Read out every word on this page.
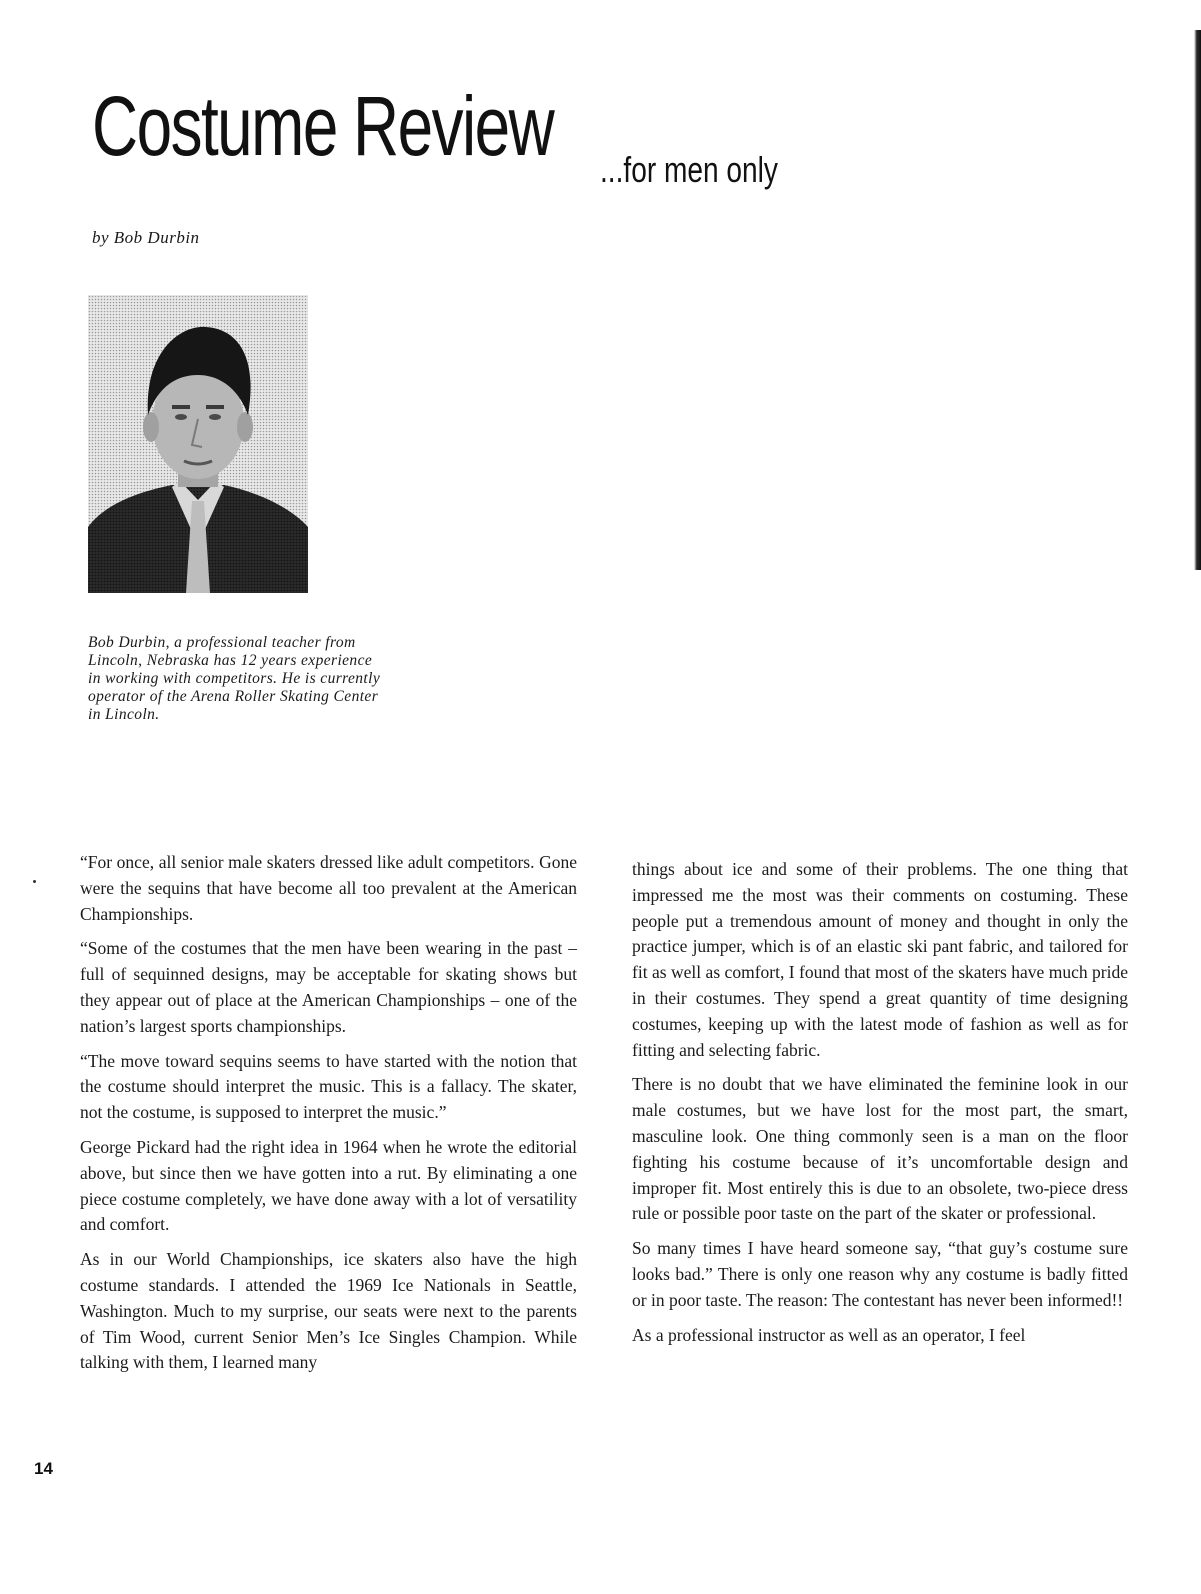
Costume Review ...for men only
by Bob Durbin

Bob Durbin, a professional teacher from

Lincoln, Nebraska has 12 years experience

in working with competitors. He is currently

operator of the Arena Roller Skating Center

in Lincoln.

“For once, all senior male skaters dressed like adult competitors. Gone were the sequins that have become all too prevalent at the American Championships.

“Some of the costumes that the men have been wearing in the past – full of sequinned designs, may be acceptable for skating shows but they appear out of place at the American Championships – one of the nation’s largest sports championships.

“The move toward sequins seems to have started with the notion that the costume should interpret the music. This is a fallacy. The skater, not the costume, is supposed to interpret the music.”

George Pickard had the right idea in 1964 when he wrote the editorial above, but since then we have gotten into a rut. By eliminating a one piece costume completely, we have done away with a lot of versatility and comfort.

As in our World Championships, ice skaters also have the high costume standards. I attended the 1969 Ice Nationals in Seattle, Washington. Much to my surprise, our seats were next to the parents of Tim Wood, current Senior Men’s Ice Singles Champion. While talking with them, I learned many

things about ice and some of their problems. The one thing that impressed me the most was their comments on costuming. These people put a tremendous amount of money and thought in only the practice jumper, which is of an elastic ski pant fabric, and tailored for fit as well as comfort, I found that most of the skaters have much pride in their costumes. They spend a great quantity of time designing costumes, keeping up with the latest mode of fashion as well as for fitting and selecting fabric.

There is no doubt that we have eliminated the feminine look in our male costumes, but we have lost for the most part, the smart, masculine look. One thing commonly seen is a man on the floor fighting his costume because of it’s uncomfortable design and improper fit. Most entirely this is due to an obsolete, two-piece dress rule or possible poor taste on the part of the skater or professional.

So many times I have heard someone say, “that guy’s costume sure looks bad.” There is only one reason why any costume is badly fitted or in poor taste. The reason: The contestant has never been informed!!

As a professional instructor as well as an operator, I feel

14
